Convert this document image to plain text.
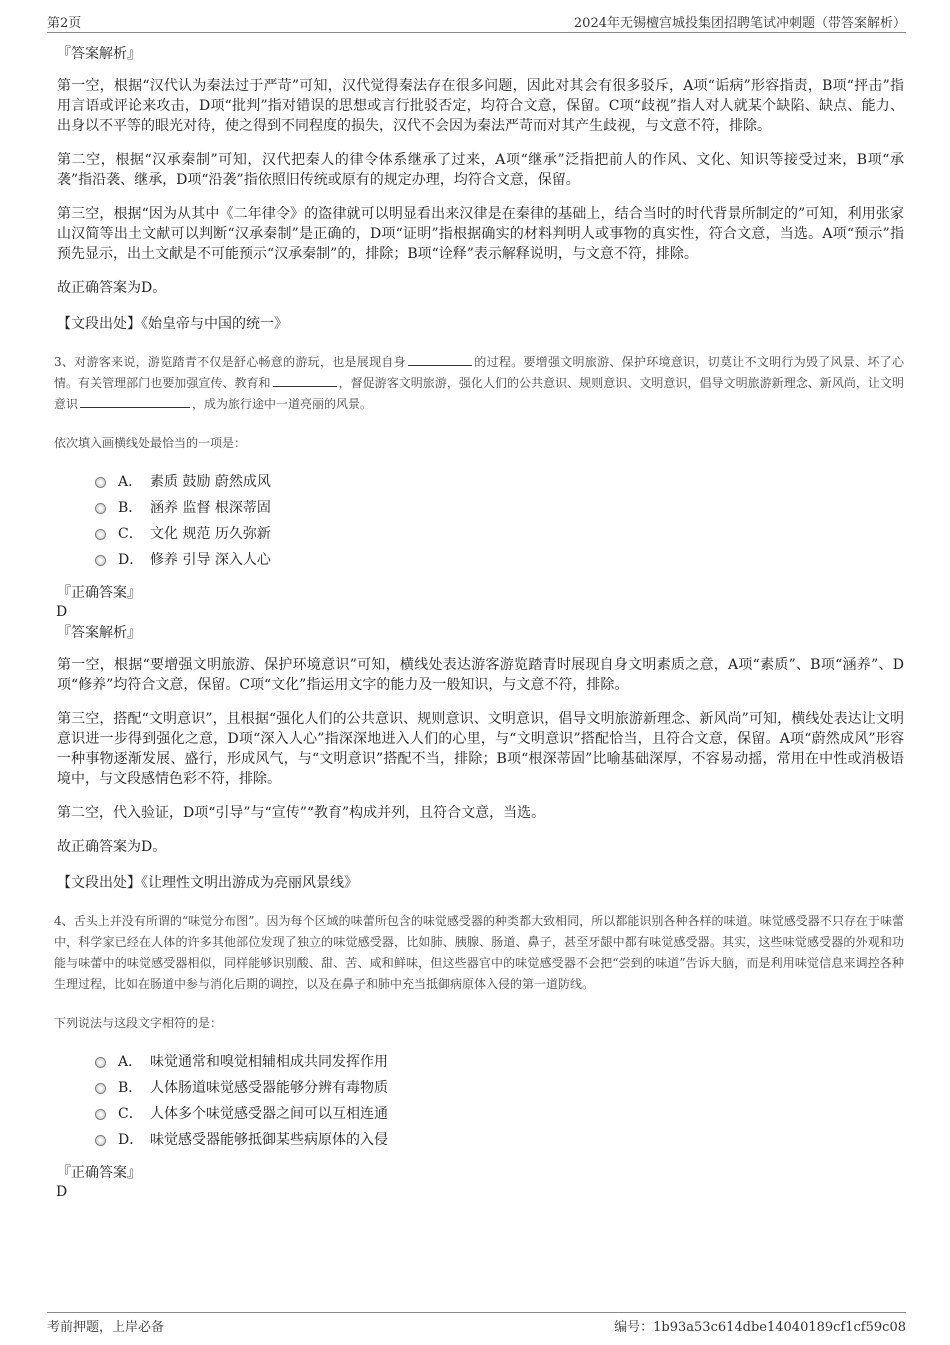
第2页	2024年无锡檀宫城投集团招聘笔试冲刺题（带答案解析）
『答案解析』

第一空，根据“汉代认为秦法过于严苛”可知，汉代觉得秦法存在很多问题，因此对其会有很多驳斥，A项“诟病”形容指责，B项“抨击”指用言语或评论来攻击，D项“批判”指对错误的思想或言行批驳否定，均符合文意，保留。C项“歧视”指人对人就某个缺陷、缺点、能力、出身以不平等的眼光对待，使之得到不同程度的损失，汉代不会因为秦法严苛而对其产生歧视，与文意不符，排除。

第二空，根据“汉承秦制”可知，汉代把秦人的律令体系继承了过来，A项“继承”泛指把前人的作风、文化、知识等接受过来，B项“承袭”指沿袭、继承，D项“沿袭”指依照旧传统或原有的规定办理，均符合文意，保留。

第三空，根据“因为从其中《二年律令》的盗律就可以明显看出来汉律是在秦律的基础上，结合当时的时代背景所制定的”可知，利用张家山汉简等出土文献可以判断“汉承秦制”是正确的，D项“证明”指根据确实的材料判明人或事物的真实性，符合文意，当选。A项“预示”指预先显示，出土文献是不可能预示“汉承秦制”的，排除；B项“诠释”表示解释说明，与文意不符，排除。

故正确答案为D。

【文段出处】《始皇帝与中国的统一》

3、对游客来说，游览踏青不仅是舒心畅意的游玩，也是展现自身	的过程。要增强文明旅游、保护环境意识，切莫让不文明行为毁了风景、坏了心情。有关管理部门也要加强宣传、教育和	，督促游客文明旅游，强化人们的公共意识、规则意识、文明意识，倡导文明旅游新理念、新风尚，让文明意识	，成为旅行途中一道亮丽的风景。
依次填入画横线处最恰当的一项是：
A． 素质 鼓励 蔚然成风
B． 涵养 监督 根深蒂固
C． 文化 规范 历久弥新
D． 修养 引导 深入人心
『正确答案』
D
『答案解析』

第一空，根据“要增强文明旅游、保护环境意识”可知，横线处表达游客游览踏青时展现自身文明素质之意，A项“素质”、B项“涵养”、D项“修养”均符合文意，保留。C项“文化”指运用文字的能力及一般知识，与文意不符，排除。

第三空，搭配“文明意识”，且根据“强化人们的公共意识、规则意识、文明意识，倡导文明旅游新理念、新风尚”可知，横线处表达让文明意识进一步得到强化之意，D项“深入人心”指深深地进入人们的心里，与“文明意识”搭配恰当，且符合文意，保留。A项“蔚然成风”形容一种事物逐渐发展、盛行，形成风气，与“文明意识”搭配不当，排除；B项“根深蒂固”比喻基础深厚，不容易动摇，常用在中性或消极语境中，与文段感情色彩不符，排除。

第二空，代入验证，D项“引导”与“宣传”“教育”构成并列，且符合文意，当选。

故正确答案为D。

【文段出处】《让理性文明出游成为亮丽风景线》

4、舌头上并没有所谓的“味觉分布图”。因为每个区域的味蕾所包含的味觉感受器的种类都大致相同，所以都能识别各种各样的味道。味觉感受器不只存在于味蕾中，科学家已经在人体的许多其他部位发现了独立的味觉感受器，比如肺、胰腺、肠道、鼻子，甚至牙龈中都有味觉感受器。其实，这些味觉感受器的外观和功能与味蕾中的味觉感受器相似，同样能够识别酸、甜、苦、咸和鲜味，但这些器官中的味觉感受器不会把“尝到的味道”告诉大脑，而是利用味觉信息来调控各种生理过程，比如在肠道中参与消化后期的调控，以及在鼻子和肺中充当抵御病原体入侵的第一道防线。
下列说法与这段文字相符的是：
A． 味觉通常和嗅觉相辅相成共同发挥作用
B． 人体肠道味觉感受器能够分辨有毒物质
C． 人体多个味觉感受器之间可以互相连通
D． 味觉感受器能够抵御某些病原体的入侵
『正确答案』
D
考前押题，上岸必备	编号：1b93a53c614dbe14040189cf1cf59c08
